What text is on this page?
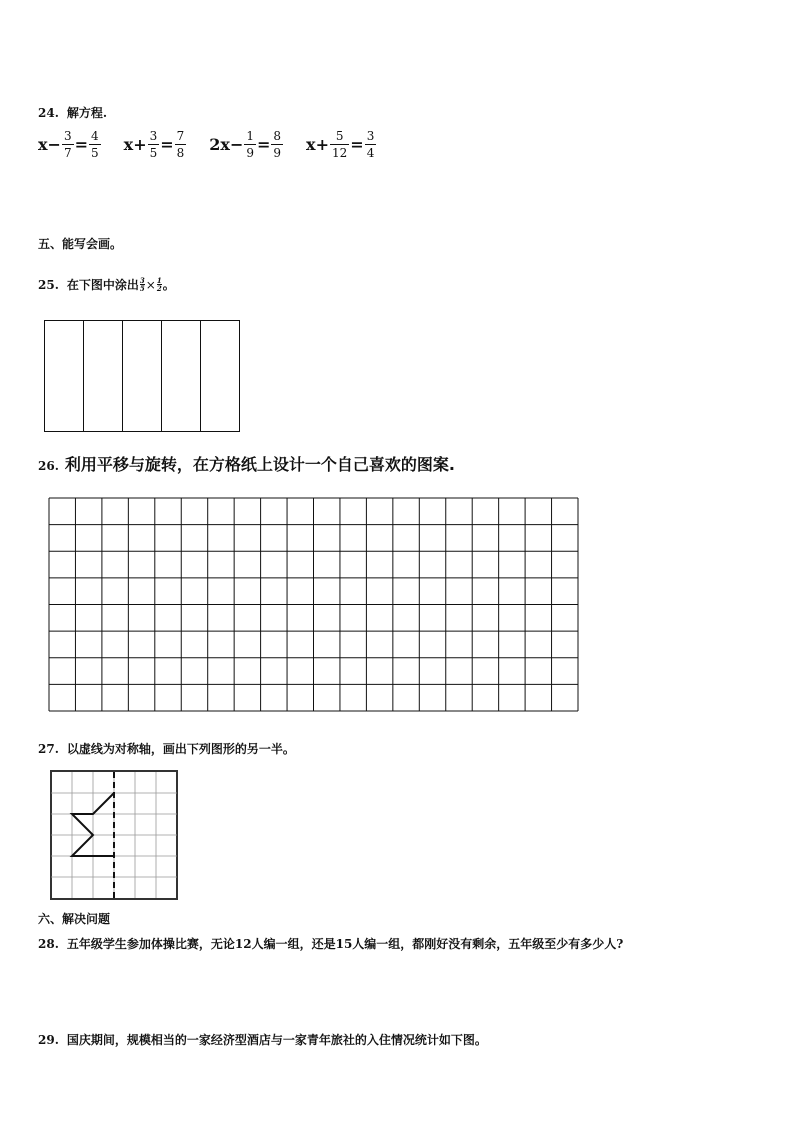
24. 解方程.
$x - \frac{3}{7} = \frac{4}{5}$ $x + \frac{3}{5} = \frac{7}{8} 2x - \frac{1}{9} = \frac{8}{9}$ $x + \frac{5}{12} = \frac{3}{4}$
五、能写会画。
25. 在下图中涂出 $\frac{3}{5} \times \frac{1}{2}$ 。
26. 利用平移与旋转，在方格纸上设计一个自己喜欢的图案.
27. 以虚线为对称轴，画出下列图形的另一半。
六、解决问题
28. 五年级学生参加体操比赛，无论12人编一组，还是15人编一组，都刚好没有剩余，五年级至少有多少人?
29. 国庆期间，规模相当的一家经济型酒店与一家青年旅社的入住情况统计如下图。
